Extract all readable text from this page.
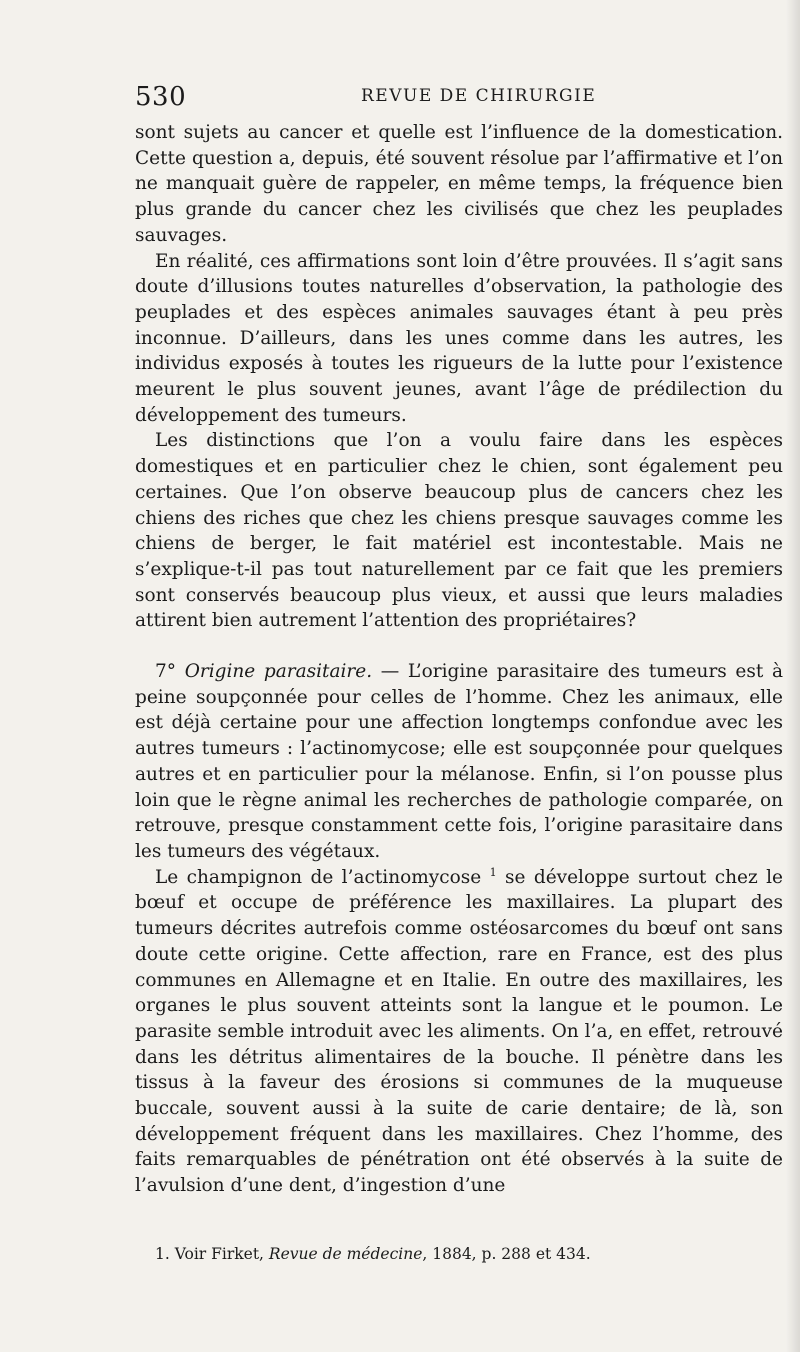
530	REVUE DE CHIRURGIE

sont sujets au cancer et quelle est l’influence de la domestication. Cette question a, depuis, été souvent résolue par l’affirmative et l’on ne manquait guère de rappeler, en même temps, la fréquence bien plus grande du cancer chez les civilisés que chez les peuplades sauvages.

En réalité, ces affirmations sont loin d’être prouvées. Il s’agit sans doute d’illusions toutes naturelles d’observation, la pathologie des peuplades et des espèces animales sauvages étant à peu près inconnue. D’ailleurs, dans les unes comme dans les autres, les individus exposés à toutes les rigueurs de la lutte pour l’existence meurent le plus souvent jeunes, avant l’âge de prédilection du développement des tumeurs.

Les distinctions que l’on a voulu faire dans les espèces domestiques et en particulier chez le chien, sont également peu certaines. Que l’on observe beaucoup plus de cancers chez les chiens des riches que chez les chiens presque sauvages comme les chiens de berger, le fait matériel est incontestable. Mais ne s’explique-t-il pas tout naturellement par ce fait que les premiers sont conservés beaucoup plus vieux, et aussi que leurs maladies attirent bien autrement l’attention des propriétaires?

7° Origine parasitaire. — L’origine parasitaire des tumeurs est à peine soupçonnée pour celles de l’homme. Chez les animaux, elle est déjà certaine pour une affection longtemps confondue avec les autres tumeurs : l’actinomycose; elle est soupçonnée pour quelques autres et en particulier pour la mélanose. Enfin, si l’on pousse plus loin que le règne animal les recherches de pathologie comparée, on retrouve, presque constamment cette fois, l’origine parasitaire dans les tumeurs des végétaux.

Le champignon de l’actinomycose $^1$ se développe surtout chez le bœuf et occupe de préférence les maxillaires. La plupart des tumeurs décrites autrefois comme ostéosarcomes du bœuf ont sans doute cette origine. Cette affection, rare en France, est des plus communes en Allemagne et en Italie. En outre des maxillaires, les organes le plus souvent atteints sont la langue et le poumon. Le parasite semble introduit avec les aliments. On l’a, en effet, retrouvé dans les détritus alimentaires de la bouche. Il pénètre dans les tissus à la faveur des érosions si communes de la muqueuse buccale, souvent aussi à la suite de carie dentaire; de là, son développement fréquent dans les maxillaires. Chez l’homme, des faits remarquables de pénétration ont été observés à la suite de l’avulsion d’une dent, d’ingestion d’une

1. Voir Firket, Revue de médecine, 1884, p. 288 et 434.
